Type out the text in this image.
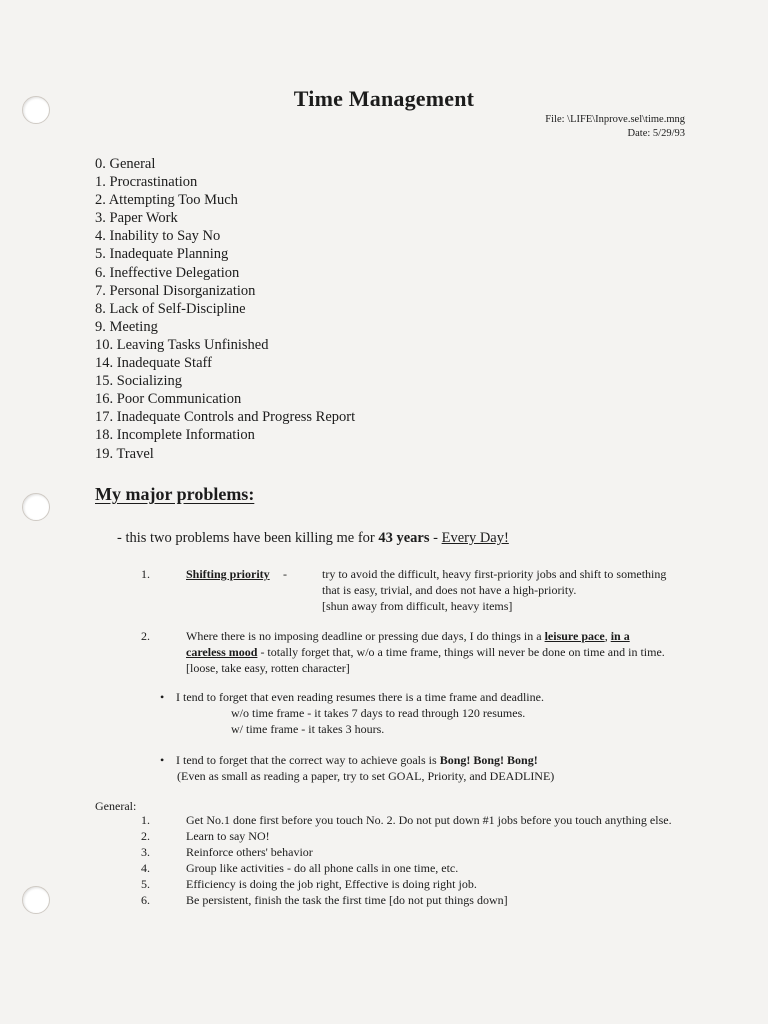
Time Management
File: \LIFE\Inprove.sel\time.mng
Date: 5/29/93
0. General
1. Procrastination
2. Attempting Too Much
3. Paper Work
4. Inability to Say No
5. Inadequate Planning
6. Ineffective Delegation
7. Personal Disorganization
8. Lack of Self-Discipline
9. Meeting
10. Leaving Tasks Unfinished
14. Inadequate Staff
15. Socializing
16. Poor Communication
17. Inadequate Controls and Progress Report
18. Incomplete Information
19. Travel
My major problems:
- this two problems have been killing me for 43 years - Every Day!
1.	Shifting priority -	try to avoid the difficult, heavy first-priority jobs and shift to something that is easy, trivial, and does not have a high-priority.
[shun away from difficult, heavy items]
2.	Where there is no imposing deadline or pressing due days, I do things in a leisure pace, in a careless mood - totally forget that, w/o a time frame, things will never be done on time and in time. [loose, take easy, rotten character]
• I tend to forget that even reading resumes there is a time frame and deadline.
w/o time frame - it takes 7 days to read through 120 resumes.
w/ time frame - it takes 3 hours.
• I tend to forget that the correct way to achieve goals is Bong! Bong! Bong!
(Even as small as reading a paper, try to set GOAL, Priority, and DEADLINE)
General:
1.	Get No.1 done first before you touch No. 2. Do not put down #1 jobs before you touch anything else.
2.	Learn to say NO!
3.	Reinforce others' behavior
4.	Group like activities - do all phone calls in one time, etc.
5.	Efficiency is doing the job right, Effective is doing right job.
6.	Be persistent, finish the task the first time [do not put things down]
